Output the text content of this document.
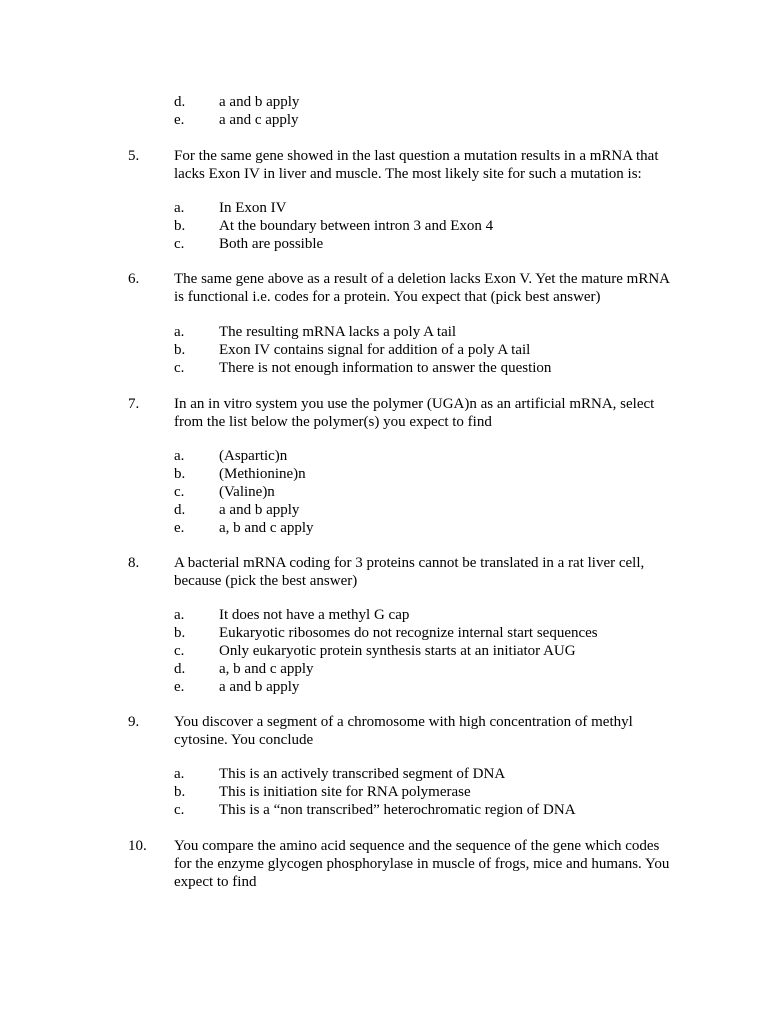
d. a and b apply
e. a and c apply
5. For the same gene showed in the last question a mutation results in a mRNA that
lacks Exon IV in liver and muscle. The most likely site for such a mutation is:
a. In Exon IV
b. At the boundary between intron 3 and Exon 4
c. Both are possible
6. The same gene above as a result of a deletion lacks Exon V. Yet the mature mRNA
is functional i.e. codes for a protein. You expect that (pick best answer)
a. The resulting mRNA lacks a poly A tail
b. Exon IV contains signal for addition of a poly A tail
c. There is not enough information to answer the question
7. In an in vitro system you use the polymer (UGA)n as an artificial mRNA, select
from the list below the polymer(s) you expect to find
a. (Aspartic)n
b. (Methionine)n
c. (Valine)n
d. a and b apply
e. a, b and c apply
8. A bacterial mRNA coding for 3 proteins cannot be translated in a rat liver cell,
because (pick the best answer)
a. It does not have a methyl G cap
b. Eukaryotic ribosomes do not recognize internal start sequences
c. Only eukaryotic protein synthesis starts at an initiator AUG
d. a, b and c apply
e. a and b apply
9. You discover a segment of a chromosome with high concentration of methyl
cytosine. You conclude
a. This is an actively transcribed segment of DNA
b. This is initiation site for RNA polymerase
c. This is a “non transcribed” heterochromatic region of DNA
10. You compare the amino acid sequence and the sequence of the gene which codes
for the enzyme glycogen phosphorylase in muscle of frogs, mice and humans. You
expect to find
